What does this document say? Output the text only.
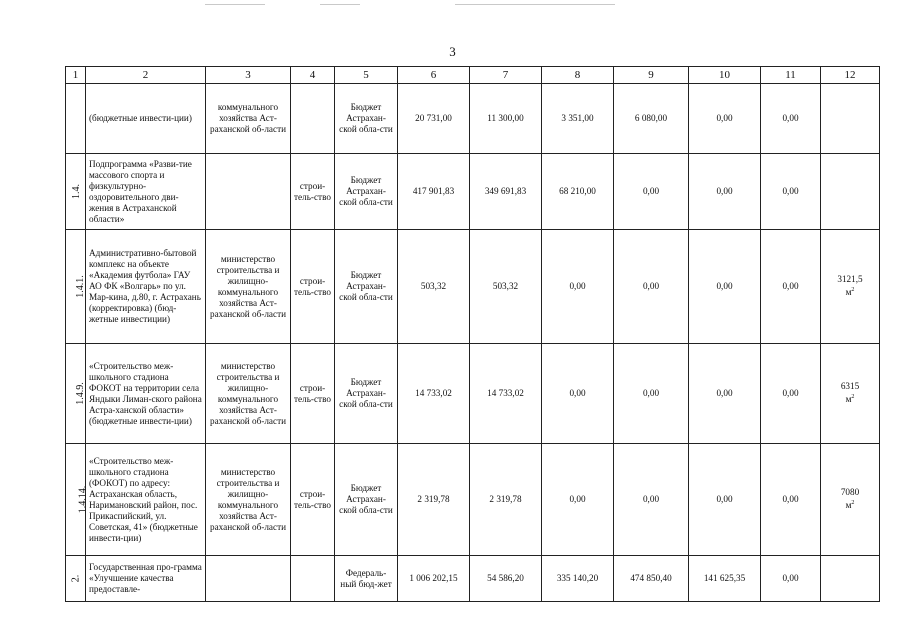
3
1	2	3	4	5	6	7	8	9	10	11	12
	(бюджетные инвести-ции)	коммунального хозяйства Аст-раханской об-ласти		Бюджет Астрахан-ской обла-сти	20 731,00	11 300,00	3 351,00	6 080,00	0,00	0,00	
1.4.	Подпрограмма «Разви-тие массового спорта и физкультурно-оздоровительного дви-жения в Астраханской области»		строи-тель-ство	Бюджет Астрахан-ской обла-сти	417 901,83	349 691,83	68 210,00	0,00	0,00	0,00	
1.4.1.	Административно-бытовой комплекс на объекте «Академия футбола» ГАУ АО ФК «Волгарь» по ул. Мар-кина, д.80, г. Астрахань (корректировка) (бюд-жетные инвестиции)	министерство строительства и жилищно-коммунального хозяйства Аст-раханской об-ласти	строи-тель-ство	Бюджет Астрахан-ской обла-сти	503,32	503,32	0,00	0,00	0,00	0,00	3121,5
$м^2$
1.4.9.	«Строительство меж-школьного стадиона ФОКОТ на территории села Яндыки Лиман-ского района Астра-ханской области» (бюджетные инвести-ции)	министерство строительства и жилищно-коммунального хозяйства Аст-раханской об-ласти	строи-тель-ство	Бюджет Астрахан-ской обла-сти	14 733,02	14 733,02	0,00	0,00	0,00	0,00	6315
$м^2$
1.4.14.	«Строительство меж-школьного стадиона (ФОКОТ) по адресу: Астраханская область, Наримановский район, пос. Прикаспийский, ул. Советская, 41» (бюджетные инвести-ции)	министерство строительства и жилищно-коммунального хозяйства Аст-раханской об-ласти	строи-тель-ство	Бюджет Астрахан-ской обла-сти	2 319,78	2 319,78	0,00	0,00	0,00	0,00	7080
$м^2$
2.	Государственная про-грамма «Улучшение качества предоставле-			Федераль-ный бюд-жет	1 006 202,15	54 586,20	335 140,20	474 850,40	141 625,35	0,00	
